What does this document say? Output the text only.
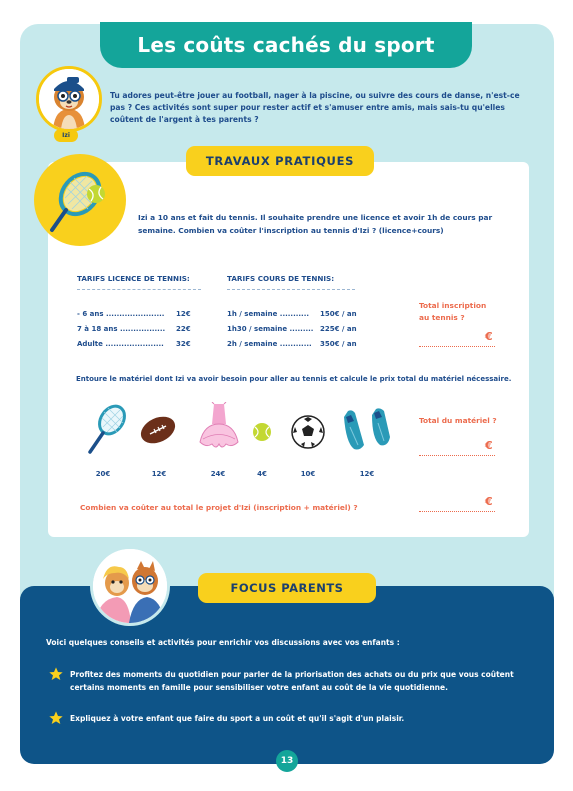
Les coûts cachés du sport
Izi

Tu adores peut-être jouer au football, nager à la piscine, ou suivre des cours de danse, n'est-ce pas ? Ces activités sont super pour rester actif et s'amuser entre amis, mais sais-tu qu'elles coûtent de l'argent à tes parents ?

TRAVAUX PRATIQUES

Izi a 10 ans et fait du tennis. Il souhaite prendre une licence et avoir 1h de cours par semaine. Combien va coûter l'inscription au tennis d'Izi ? (licence+cours)

TARIFS LICENCE DE TENNIS:
- 6 ans ...................... 12€
7 à 18 ans ................. 22€
Adulte ...................... 32€
TARIFS COURS DE TENNIS:
1h / semaine ........... 150€ / an
1h30 / semaine ......... 225€ / an
2h / semaine ............ 350€ / an
Total inscription au tennis ?
€
Entoure le matériel dont Izi va avoir besoin pour aller au tennis et calcule le prix total du matériel nécessaire.
20€	12€	24€	4€	10€	12€
Total du matériel ?
€
Combien va coûter au total le projet d'Izi (inscription + matériel) ?	€
FOCUS PARENTS
Voici quelques conseils et activités pour enrichir vos discussions avec vos enfants :

Profitez des moments du quotidien pour parler de la priorisation des achats ou du prix que vous coûtent certains moments en famille pour sensibiliser votre enfant au coût de la vie quotidienne.

Expliquez à votre enfant que faire du sport a un coût et qu'il s'agit d'un plaisir.

13
